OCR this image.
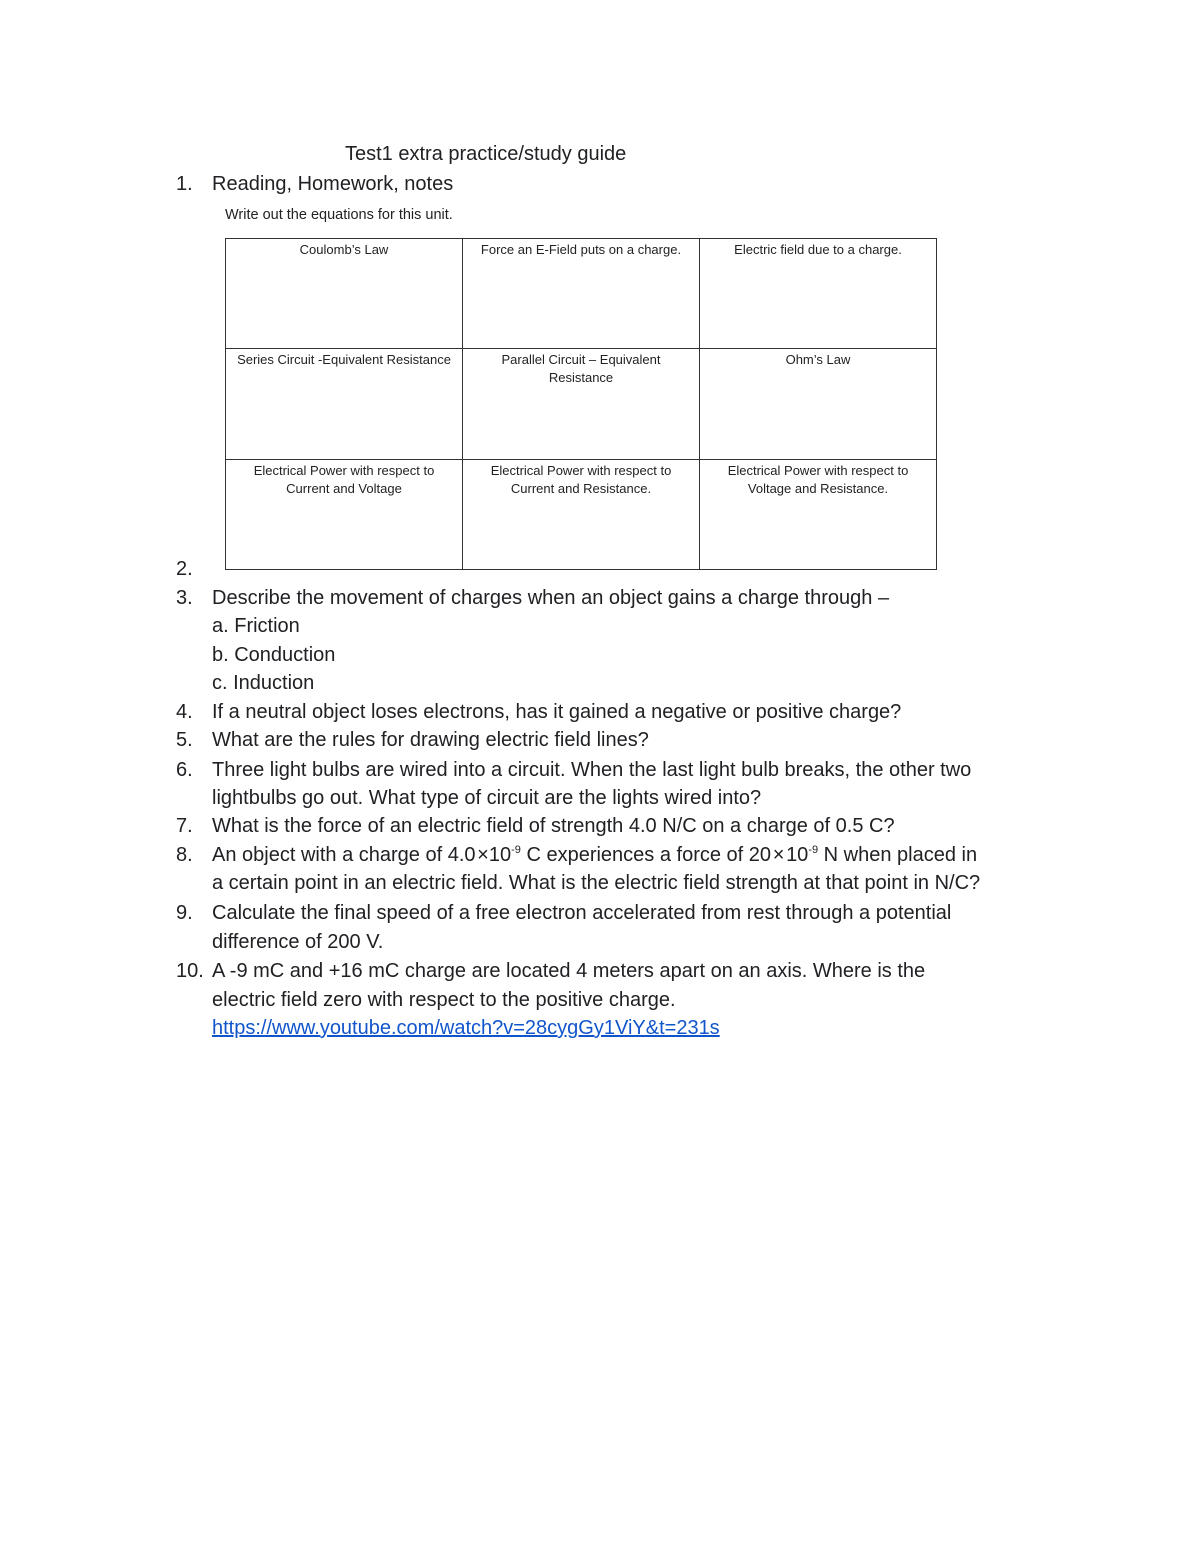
Test1 extra practice/study guide
1. Reading, Homework, notes
Write out the equations for this unit.
Coulomb’s Law	Force an E-Field puts on a charge.	Electric field due to a charge.
Series Circuit -Equivalent Resistance	Parallel Circuit – Equivalent Resistance	Ohm’s Law
Electrical Power with respect to Current and Voltage	Electrical Power with respect to Current and Resistance.	Electrical Power with respect to Voltage and Resistance.
2.
3. Describe the movement of charges when an object gains a charge through –
a. Friction
b. Conduction
c. Induction
4. If a neutral object loses electrons, has it gained a negative or positive charge?
5. What are the rules for drawing electric field lines?
6. Three light bulbs are wired into a circuit. When the last light bulb breaks, the other two
lightbulbs go out. What type of circuit are the lights wired into?
7. What is the force of an electric field of strength 4.0 N/C on a charge of 0.5 C?
8. An object with a charge of 4.0 $\times 10^{-9}$ C experiences a force of 20 × $10^{-9}$ N when placed in
a certain point in an electric field. What is the electric field strength at that point in N/C?
9. Calculate the final speed of a free electron accelerated from rest through a potential
difference of 200 V.
10. A -9 mC and +16 mC charge are located 4 meters apart on an axis. Where is the
electric field zero with respect to the positive charge.
https://www.youtube.com/watch?v=28cygGy1ViY&t=231s
